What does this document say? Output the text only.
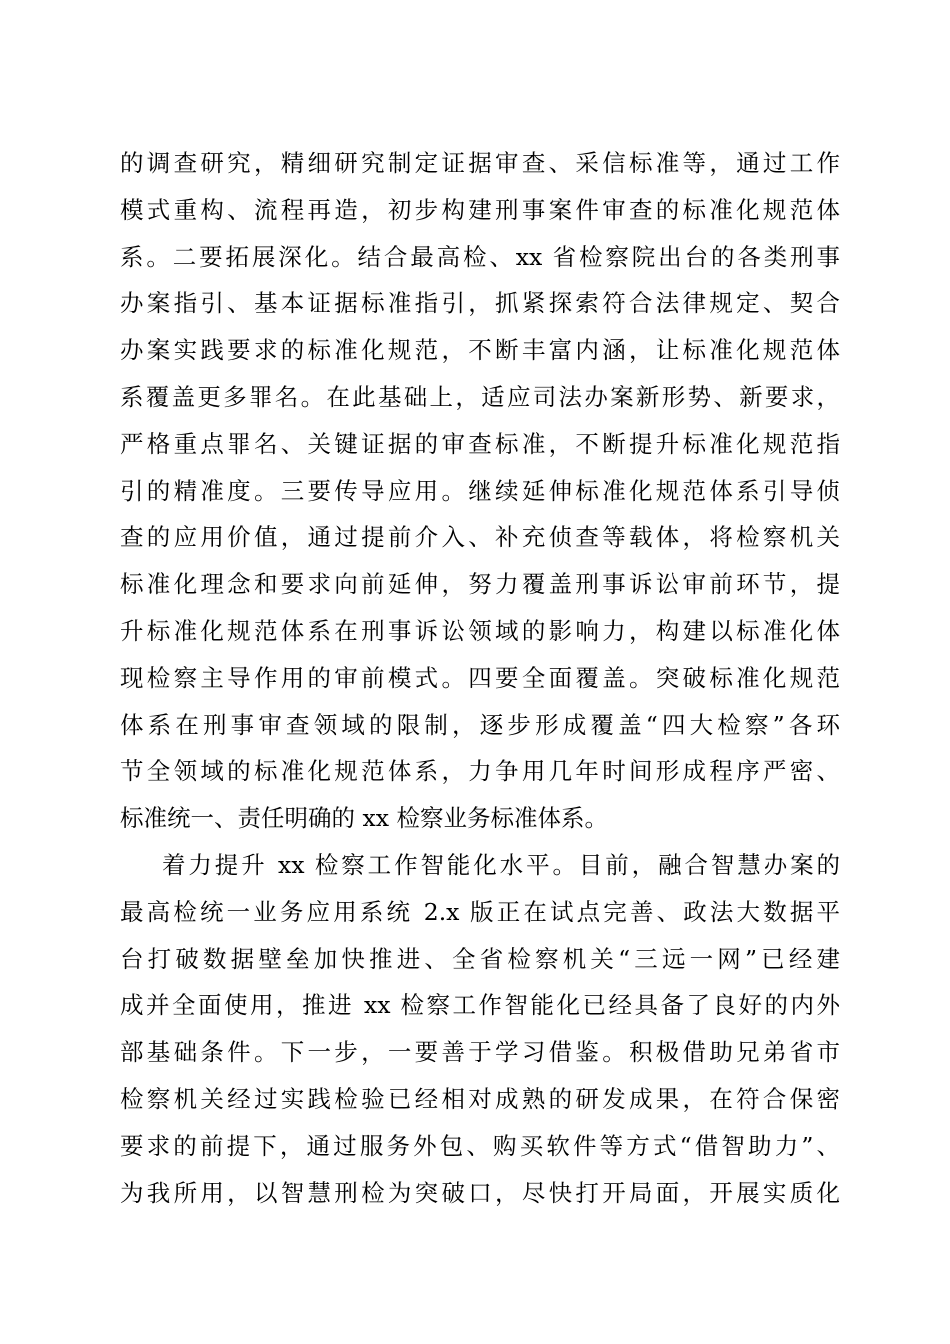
的调查研究，精细研究制定证据审查、采信标准等，通过工作
模式重构、流程再造，初步构建刑事案件审查的标准化规范体
系。二要拓展深化。结合最高检、xx 省检察院出台的各类刑事
办案指引、基本证据标准指引，抓紧探索符合法律规定、契合
办案实践要求的标准化规范，不断丰富内涵，让标准化规范体
系覆盖更多罪名。在此基础上，适应司法办案新形势、新要求，
严格重点罪名、关键证据的审查标准，不断提升标准化规范指
引的精准度。三要传导应用。继续延伸标准化规范体系引导侦
查的应用价值，通过提前介入、补充侦查等载体，将检察机关
标准化理念和要求向前延伸，努力覆盖刑事诉讼审前环节，提
升标准化规范体系在刑事诉讼领域的影响力，构建以标准化体
现检察主导作用的审前模式。四要全面覆盖。突破标准化规范
体系在刑事审查领域的限制，逐步形成覆盖“四大检察”各环
节全领域的标准化规范体系，力争用几年时间形成程序严密、
标准统一、责任明确的 xx 检察业务标准体系。
着力提升 xx 检察工作智能化水平。目前，融合智慧办案的
最高检统一业务应用系统 2.x 版正在试点完善、政法大数据平
台打破数据壁垒加快推进、全省检察机关“三远一网”已经建
成并全面使用，推进 xx 检察工作智能化已经具备了良好的内外
部基础条件。下一步，一要善于学习借鉴。积极借助兄弟省市
检察机关经过实践检验已经相对成熟的研发成果，在符合保密
要求的前提下，通过服务外包、购买软件等方式“借智助力”、
为我所用，以智慧刑检为突破口，尽快打开局面，开展实质化
